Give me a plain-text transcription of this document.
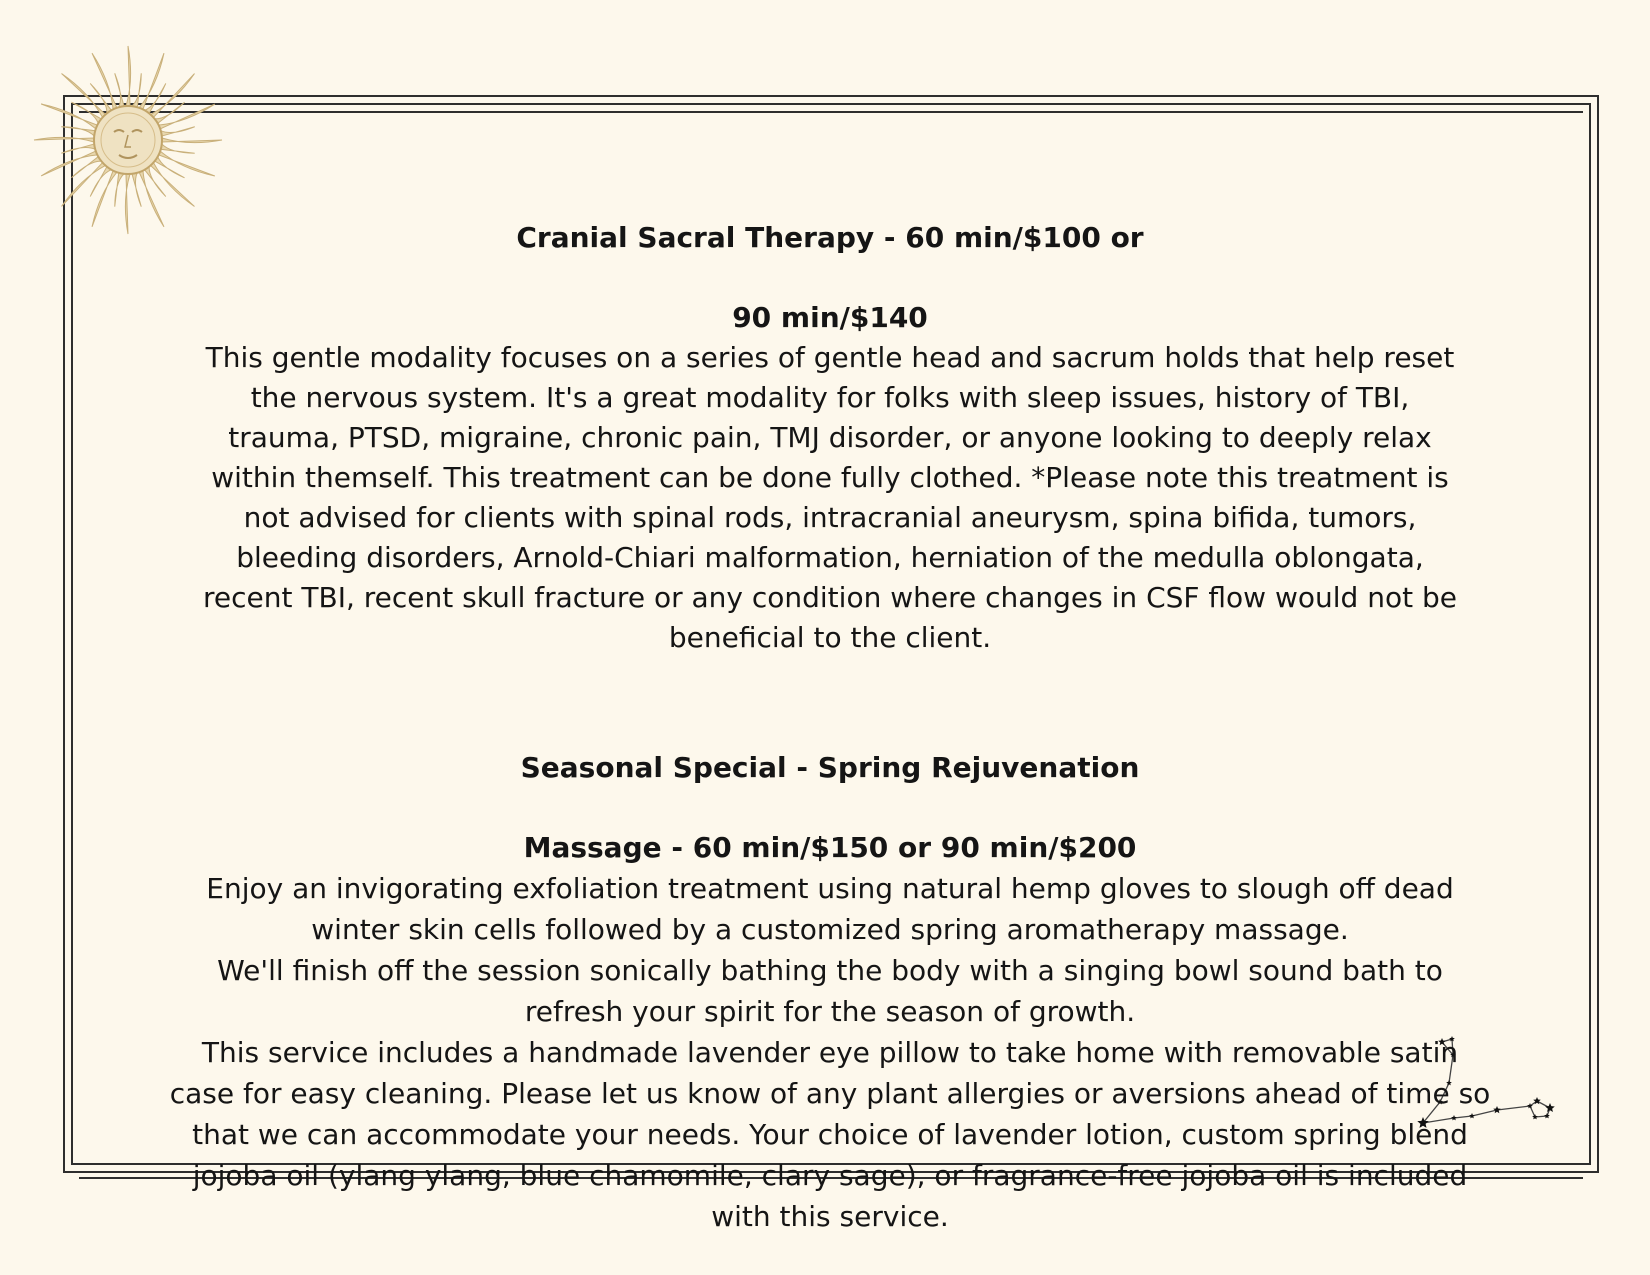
Cranial Sacral Therapy - 60 min/$100 or

90 min/$140

This gentle modality focuses on a series of gentle head and sacrum holds that help reset
the nervous system. It's a great modality for folks with sleep issues, history of TBI,
trauma, PTSD, migraine, chronic pain, TMJ disorder, or anyone looking to deeply relax
within themself. This treatment can be done fully clothed. *Please note this treatment is
not advised for clients with spinal rods, intracranial aneurysm, spina bifida, tumors,
bleeding disorders, Arnold-Chiari malformation, herniation of the medulla oblongata,
recent TBI, recent skull fracture or any condition where changes in CSF flow would not be
beneficial to the client.

Seasonal Special - Spring Rejuvenation

Massage - 60 min/$150 or 90 min/$200

Enjoy an invigorating exfoliation treatment using natural hemp gloves to slough off dead
winter skin cells followed by a customized spring aromatherapy massage.
We'll finish off the session sonically bathing the body with a singing bowl sound bath to
refresh your spirit for the season of growth.
This service includes a handmade lavender eye pillow to take home with removable satin
case for easy cleaning. Please let us know of any plant allergies or aversions ahead of time so
that we can accommodate your needs. Your choice of lavender lotion, custom spring blend
jojoba oil (ylang ylang, blue chamomile, clary sage), or fragrance-free jojoba oil is included
with this service.
